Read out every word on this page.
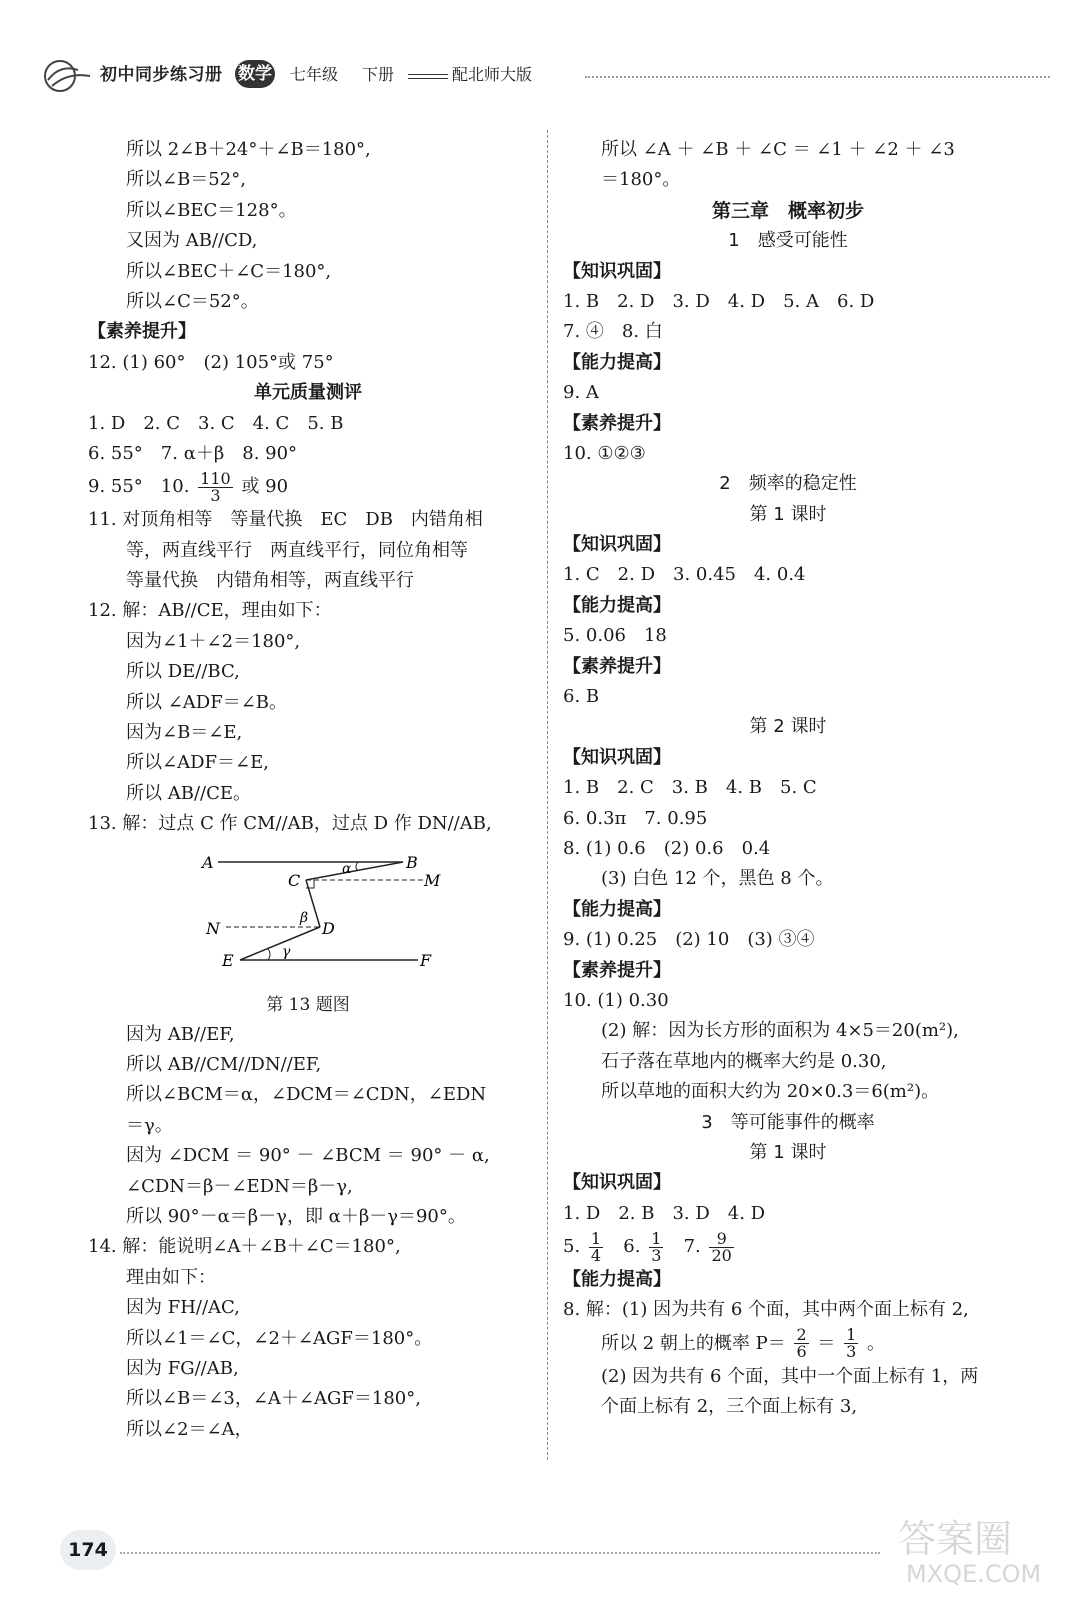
初中同步练习册 数学 七年级 下册	配北师大版
所以 2∠B＋24°＋∠B＝180°,
所以∠B＝52°,
所以∠BEC＝128°。
又因为 AB//CD,
所以∠BEC＋∠C＝180°,
所以∠C＝52°。
【素养提升】
12. (1) 60°　(2) 105°或 75°
单元质量测评
1. D　2. C　3. C　4. C　5. B
6. 55°　7. α＋β　8. 90°
9. 55°　10. $\frac{110}{3}$ 或 90
11. 对顶角相等　等量代换　EC　DB　内错角相
等，两直线平行　两直线平行，同位角相等
等量代换　内错角相等，两直线平行
12. 解：AB//CE，理由如下：
因为∠1＋∠2＝180°,
所以 DE//BC,
所以 ∠ADF＝∠B。
因为∠B＝∠E,
所以∠ADF＝∠E,
所以 AB//CE。
13. 解：过点 C 作 CM//AB，过点 D 作 DN//AB,
A	B
C	M
N	D
E	F
α
β
γ
第 13 题图
因为 AB//EF,
所以 AB//CM//DN//EF,
所以∠BCM＝α，∠DCM＝∠CDN，∠EDN
＝γ。
因为 ∠DCM ＝ 90° － ∠BCM ＝ 90° － α,
∠CDN＝β－∠EDN＝β－γ,
所以 90°－α＝β－γ，即 α＋β－γ＝90°。
14. 解：能说明∠A＋∠B＋∠C＝180°,
理由如下：
因为 FH//AC,
所以∠1＝∠C，∠2＋∠AGF＝180°。
因为 FG//AB,
所以∠B＝∠3，∠A＋∠AGF＝180°,
所以∠2＝∠A，
所以 ∠A ＋ ∠B ＋ ∠C ＝ ∠1 ＋ ∠2 ＋ ∠3
＝180°。
第三章　概率初步
1　感受可能性
【知识巩固】
1. B　2. D　3. D　4. D　5. A　6. D
7. ④　8. 白
【能力提高】
9. A
【素养提升】
10. ①②③
2　频率的稳定性
第 1 课时
【知识巩固】
1. C　2. D　3. 0.45　4. 0.4
【能力提高】
5. 0.06　18
【素养提升】
6. B
第 2 课时
【知识巩固】
1. B　2. C　3. B　4. B　5. C
6. 0.3π　7. 0.95
8. (1) 0.6　(2) 0.6　0.4
(3) 白色 12 个，黑色 8 个。
【能力提高】
9. (1) 0.25　(2) 10　(3) ③④
【素养提升】
10. (1) 0.30
(2) 解：因为长方形的面积为 4×5＝20(m²),
石子落在草地内的概率大约是 0.30,
所以草地的面积大约为 20×0.3＝6(m²)。
3　等可能事件的概率
第 1 课时
【知识巩固】
1. D　2. B　3. D　4. D
5. $\frac{1}{4} 6$. $\frac{1}{3} 7$. $\frac{9}{20}$
【能力提高】
8. 解：(1) 因为共有 6 个面，其中两个面上标有 2,
所以 2 朝上的概率 $P= \frac{2}{6} = \frac{1}{3}$ 。
(2) 因为共有 6 个面，其中一个面上标有 1，两
个面上标有 2，三个面上标有 3,
174	答案圈
MXQE.COM
